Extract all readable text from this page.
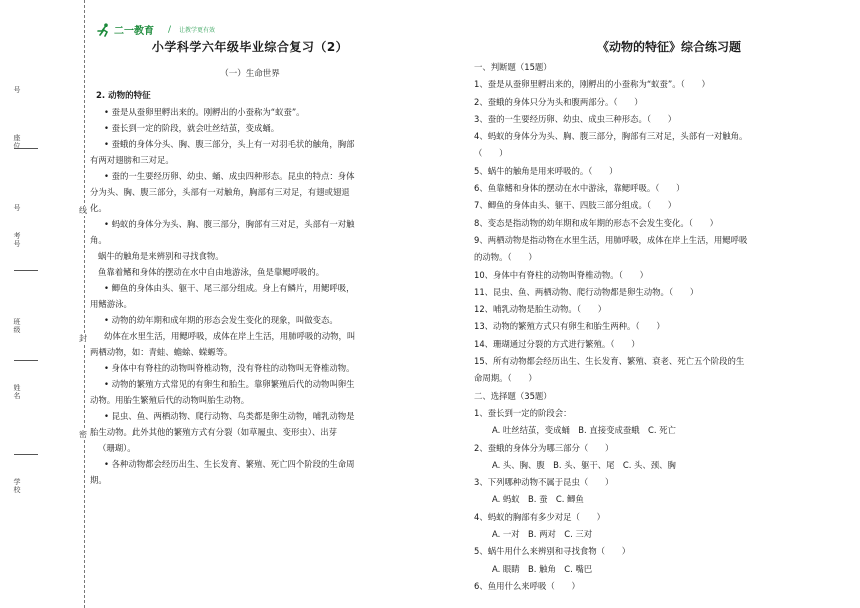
号
座位
号
考号
班级
姓名
学校
线
封
密
二一教育 / 让教学更有效
小学科学六年级毕业综合复习（2）
（一）生命世界
2. 动物的特征

• 蚕是从蚕卵里孵出来的。刚孵出的小蚕称为“蚁蚕”。

• 蚕长到一定的阶段，就会吐丝结茧，变成蛹。

• 蚕蛾的身体分头、胸、腹三部分，头上有一对羽毛状的触角，胸部

有两对翅膀和三对足。

• 蚕的一生要经历卵、幼虫、蛹、成虫四种形态。昆虫的特点：身体

分为头、胸、腹三部分，头部有一对触角，胸部有三对足，有翅或翅退

化。

• 蚂蚁的身体分为头、胸、腹三部分，胸部有三对足，头部有一对触

角。

蜗牛的触角是来辨别和寻找食物。

鱼靠着鳍和身体的摆动在水中自由地游泳，鱼是靠鳃呼吸的。

• 鲫鱼的身体由头、躯干、尾三部分组成。身上有鳞片，用鳃呼吸，

用鳍游泳。

• 动物的幼年期和成年期的形态会发生变化的现象，叫做变态。

幼体在水里生活，用鳃呼吸，成体在岸上生活，用肺呼吸的动物，叫

两栖动物，如：青蛙、蟾蜍、蝾螈等。

• 身体中有脊柱的动物叫脊椎动物，没有脊柱的动物叫无脊椎动物。

• 动物的繁殖方式常见的有卵生和胎生。靠卵繁殖后代的动物叫卵生

动物。用胎生繁殖后代的动物叫胎生动物。

• 昆虫、鱼、两栖动物、爬行动物、鸟类都是卵生动物，哺乳动物是

胎生动物。此外其他的繁殖方式有分裂（如草履虫、变形虫）、出芽

（珊瑚）。

• 各种动物都会经历出生、生长发育、繁殖、死亡四个阶段的生命周

期。

《动物的特征》综合练习题

一、判断题（15题）

1、蚕是从蚕卵里孵出来的，刚孵出的小蚕称为“蚁蚕”。（　　）

2、蚕蛾的身体只分为头和腹两部分。（　　）

3、蚕的一生要经历卵、幼虫、成虫三种形态。（　　）

4、蚂蚁的身体分为头、胸、腹三部分，胸部有三对足，头部有一对触角。

（　　）

5、蜗牛的触角是用来呼吸的。（　　）

6、鱼靠鳍和身体的摆动在水中游泳，靠鳃呼吸。（　　）

7、鲫鱼的身体由头、躯干、四肢三部分组成。（　　）

8、变态是指动物的幼年期和成年期的形态不会发生变化。（　　）

9、两栖动物是指动物在水里生活，用肺呼吸，成体在岸上生活，用鳃呼吸

的动物。（　　）

10、身体中有脊柱的动物叫脊椎动物。（　　）

11、昆虫、鱼、两栖动物、爬行动物都是卵生动物。（　　）

12、哺乳动物是胎生动物。（　　）

13、动物的繁殖方式只有卵生和胎生两种。（　　）

14、珊瑚通过分裂的方式进行繁殖。（　　）

15、所有动物都会经历出生、生长发育、繁殖、衰老、死亡五个阶段的生

命周期。（　　）

二、选择题（35题）

1、蚕长到一定的阶段会：

A. 吐丝结茧，变成蛹　B. 直接变成蚕蛾　C. 死亡

2、蚕蛾的身体分为哪三部分（　　）

A. 头、胸、腹　B. 头、躯干、尾　C. 头、颈、胸

3、下列哪种动物不属于昆虫（　　）

A. 蚂蚁　B. 蚕　C. 鲫鱼

4、蚂蚁的胸部有多少对足（　　）

A. 一对　B. 两对　C. 三对

5、蜗牛用什么来辨别和寻找食物（　　）

A. 眼睛　B. 触角　C. 嘴巴

6、鱼用什么来呼吸（　　）
